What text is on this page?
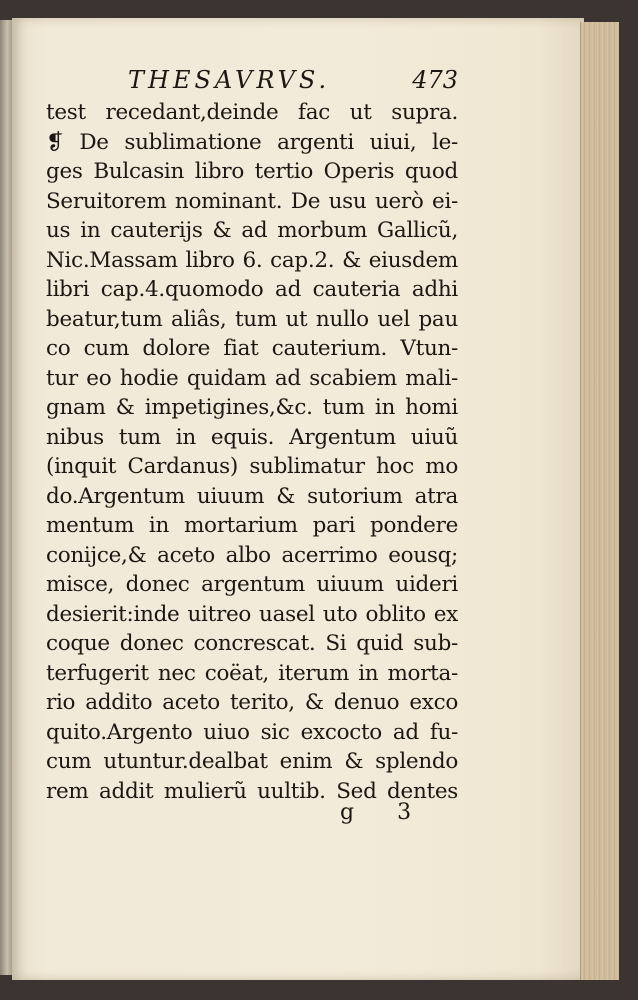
THESAVRVS.	473
test recedant,deinde fac ut supra.
❡ De sublimatione argenti uiui, le-
ges Bulcasin libro tertio Operis quod
Seruitorem nominant. De usu uerò ei-
us in cauterijs & ad morbum Gallicũ,
Nic.Massam libro 6. cap.2. & eiusdem
libri cap.4.quomodo ad cauteria adhi
beatur,tum aliâs, tum ut nullo uel pau
co cum dolore fiat cauterium. Vtun-
tur eo hodie quidam ad scabiem mali-
gnam & impetigines,&c. tum in homi
nibus tum in equis. Argentum uiuũ
(inquit Cardanus) sublimatur hoc mo
do.Argentum uiuum & sutorium atra
mentum in mortarium pari pondere
conijce,& aceto albo acerrimo eousq;
misce, donec argentum uiuum uideri
desierit:inde uitreo uasel uto oblito ex
coque donec concrescat. Si quid sub-
terfugerit nec coëat, iterum in morta-
rio addito aceto terito, & denuo exco
quito.Argento uiuo sic excocto ad fu-
cum utuntur.dealbat enim & splendo
rem addit mulierũ uultib. Sed dentes
g 3
